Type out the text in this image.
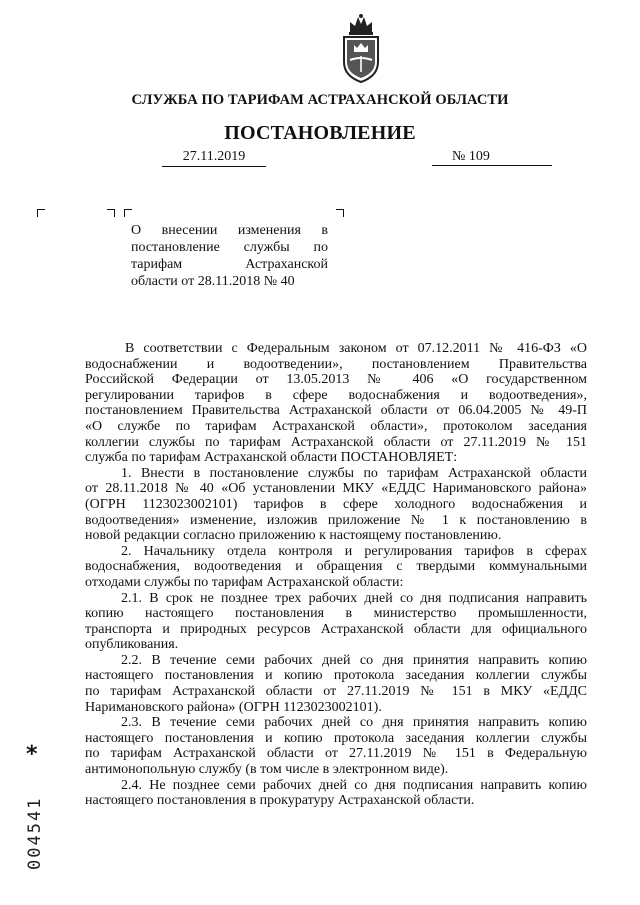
СЛУЖБА ПО ТАРИФАМ АСТРАХАНСКОЙ ОБЛАСТИ
ПОСТАНОВЛЕНИЕ
27.11.2019	№ 109
О внесении изменения в
постановление службы по
тарифам Астраханской
области от 28.11.2018 № 40
В соответствии с Федеральным законом от 07.12.2011 № 416-ФЗ «О
водоснабжении и водоотведении», постановлением Правительства
Российской Федерации от 13.05.2013 № 406 «О государственном
регулировании тарифов в сфере водоснабжения и водоотведения»,
постановлением Правительства Астраханской области от 06.04.2005 № 49-П
«О службе по тарифам Астраханской области», протоколом заседания
коллегии службы по тарифам Астраханской области от 27.11.2019 № 151
службa по тарифам Астраханской области ПОСТАНОВЛЯЕТ:
1. Внести в постановление службы по тарифам Астраханской области
от 28.11.2018 № 40 «Об установлении МКУ «ЕДДС Наримановского района»
(ОГРН 1123023002101) тарифов в сфере холодного водоснабжения и
водоотведения» изменение, изложив приложение № 1 к постановлению в
новой редакции согласно приложению к настоящему постановлению.
2. Начальнику отдела контроля и регулирования тарифов в сферах
водоснабжения, водоотведения и обращения с твердыми коммунальными
отходами службы по тарифам Астраханской области:
2.1. В срок не позднее трех рабочих дней со дня подписания направить
копию настоящего постановления в министерство промышленности,
транспорта и природных ресурсов Астраханской области для официального
опубликования.
2.2. В течение семи рабочих дней со дня принятия направить копию
настоящего постановления и копию протокола заседания коллегии службы
по тарифам Астраханской области от 27.11.2019 № 151 в МКУ «ЕДДС
Наримановского района» (ОГРН 1123023002101).
2.3. В течение семи рабочих дней со дня принятия направить копию
настоящего постановления и копию протокола заседания коллегии службы
по тарифам Астраханской области от 27.11.2019 № 151 в Федеральную
антимонопольную службу (в том числе в электронном виде).
2.4. Не позднее семи рабочих дней со дня подписания направить копию
настоящего постановления в прокуратуру Астраханской области.
*
004541
